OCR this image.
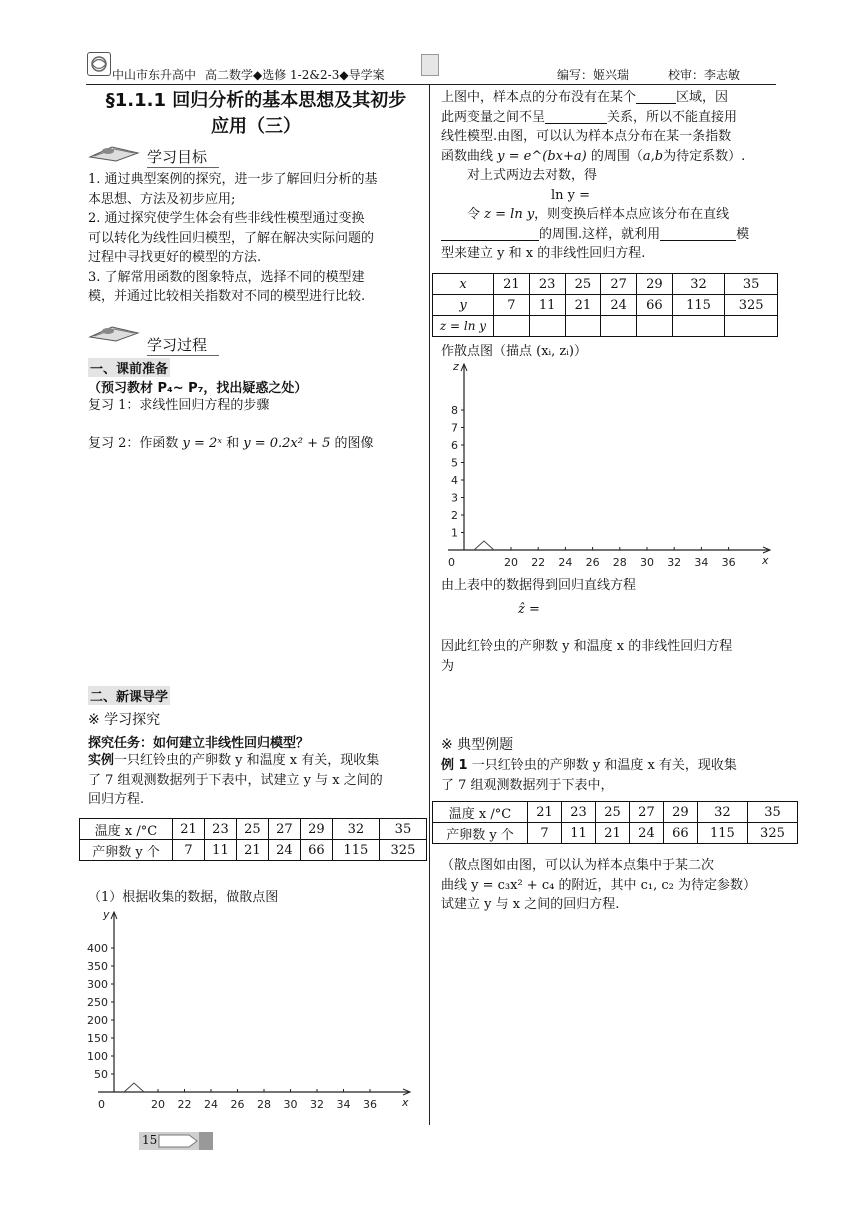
中山市东升高中 高二数学◆选修 1-2&2-3◆导学案	编写：姬兴瑞	校审：李志敏
§1.1.1 回归分析的基本思想及其初步
应用（三）
学习目标
1. 通过典型案例的探究，进一步了解回归分析的基
本思想、方法及初步应用;
2. 通过探究使学生体会有些非线性模型通过变换
可以转化为线性回归模型，了解在解决实际问题的
过程中寻找更好的模型的方法.
3. 了解常用函数的图象特点，选择不同的模型建
模，并通过比较相关指数对不同的模型进行比较.
学习过程
一、课前准备
（预习教材 P₄~ P₇，找出疑惑之处）
复习 1：求线性回归方程的步骤
复习 2：作函数 y = 2ˣ 和 y = 0.2x² + 5 的图像
二、新课导学
※ 学习探究
探究任务：如何建立非线性回归模型？
实例一只红铃虫的产卵数 y 和温度 x 有关，现收集
了 7 组观测数据列于下表中，试建立 y 与 x 之间的
回归方程.
温度 x /°C	21	23	25	27	29	32	35
产卵数 y 个	7	11	21	24	66	115	325
（1）根据收集的数据，做散点图
y
x
0
50
100
150
200
250
300
350
400
20 22 24 26 28 30 32 34 36
15
上图中，样本点的分布没有在某个	区域，因
此两变量之间不呈	关系，所以不能直接用
线性模型.由图，可以认为样本点分布在某一条指数
函数曲线 y = e^(bx+a) 的周围（a,b为待定系数）.
对上式两边去对数，得
ln y =
令 z = ln y，则变换后样本点应该分布在直线
的周围.这样，就利用	模
型来建立 y 和 x 的非线性回归方程.
x	21	23	25	27	29	32	35
y	7	11	21	24	66	115	325
z = ln y							
作散点图（描点 (xᵢ, zᵢ)）
z
x
0
1
2
3
4
5
6
7
8
20 22 24 26 28 30 32 34 36
由上表中的数据得到回归直线方程
ẑ =
因此红铃虫的产卵数 y 和温度 x 的非线性回归方程
为
※ 典型例题
例 1 一只红铃虫的产卵数 y 和温度 x 有关，现收集
了 7 组观测数据列于下表中，
温度 x /°C	21	23	25	27	29	32	35
产卵数 y 个	7	11	21	24	66	115	325
（散点图如由图，可以认为样本点集中于某二次
曲线 y = c₃x² + c₄ 的附近，其中 c₁, c₂ 为待定参数）
试建立 y 与 x 之间的回归方程.
